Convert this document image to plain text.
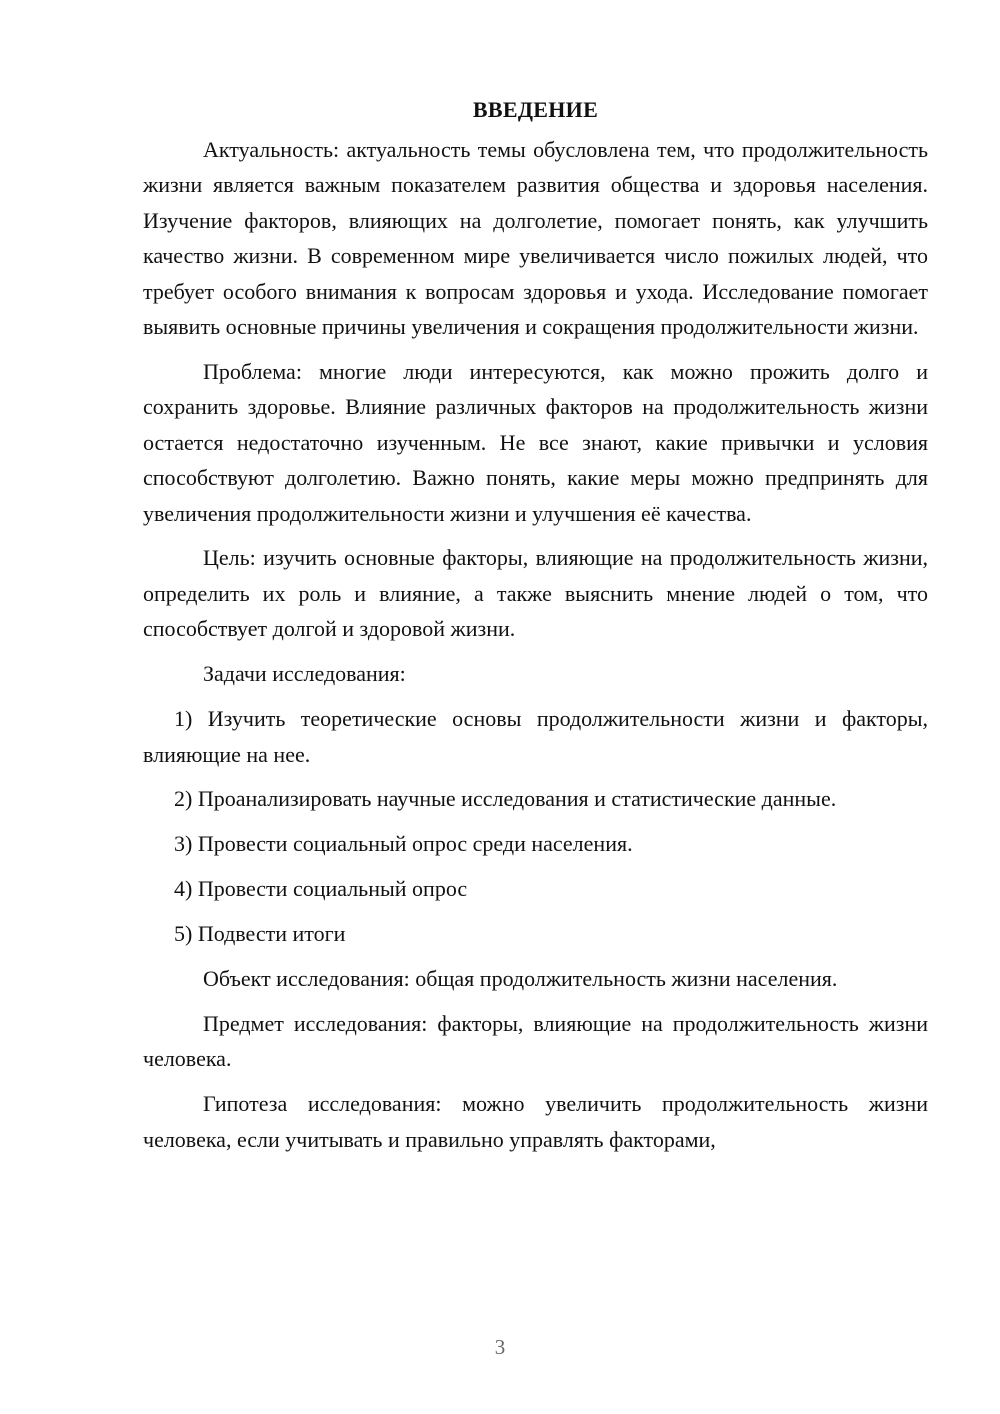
ВВЕДЕНИЕ

Актуальность: актуальность темы обусловлена тем, что продолжительность жизни является важным показателем развития общества и здоровья населения. Изучение факторов, влияющих на долголетие, помогает понять, как улучшить качество жизни. В современном мире увеличивается число пожилых людей, что требует особого внимания к вопросам здоровья и ухода. Исследование помогает выявить основные причины увеличения и сокращения продолжительности жизни.

Проблема: многие люди интересуются, как можно прожить долго и сохранить здоровье. Влияние различных факторов на продолжительность жизни остается недостаточно изученным. Не все знают, какие привычки и условия способствуют долголетию. Важно понять, какие меры можно предпринять для увеличения продолжительности жизни и улучшения её качества.

Цель: изучить основные факторы, влияющие на продолжительность жизни, определить их роль и влияние, а также выяснить мнение людей о том, что способствует долгой и здоровой жизни.

Задачи исследования:

1) Изучить теоретические основы продолжительности жизни и факторы, влияющие на нее.

2) Проанализировать научные исследования и статистические данные.

3) Провести социальный опрос среди населения.

4) Провести социальный опрос

5) Подвести итоги

Объект исследования: общая продолжительность жизни населения.

Предмет исследования: факторы, влияющие на продолжительность жизни человека.

Гипотеза исследования: можно увеличить продолжительность жизни человека, если учитывать и правильно управлять факторами,

3
